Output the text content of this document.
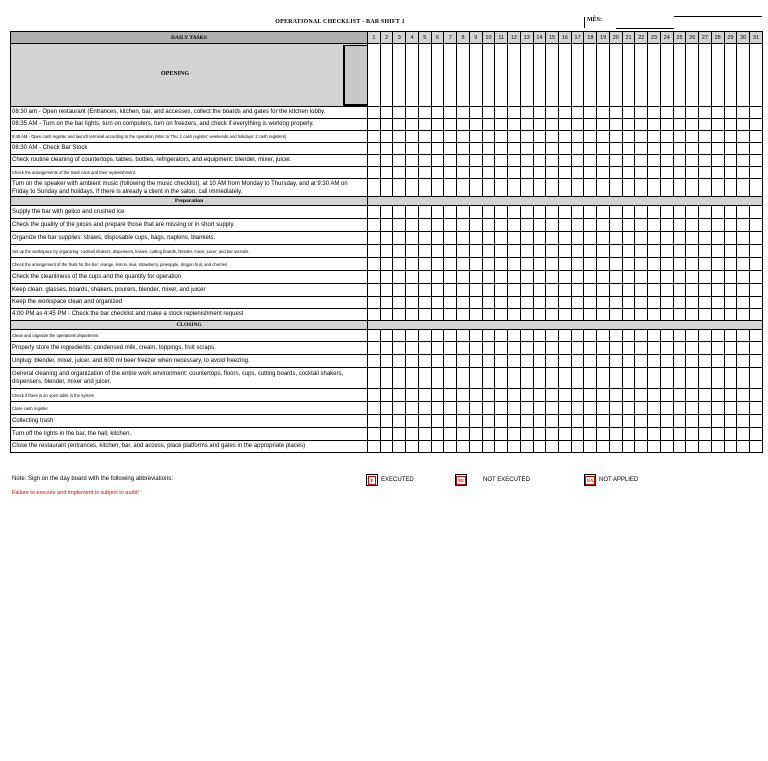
OPERATIONAL CHECKLIST - BAR SHIFT 1	MÊS:
DAILY TASKS	1	2	3	4	5	6	7	8	9	10	11	12	13	14	15	16	17	18	19	20	21	22	23	24	25	26	27	28	29	30	31

OPENING																															

08:30 am - Open restaurant (Entrances, kitchen, bar, and accesses, collect the boards and gates for the kitchen lobby.																															
08:35 AM - Turn on the bar lights, turn on computers, turn on freezers, and check if everything is working properly.																															
8:45 AM - Open cash register and launch terminal according to the operation (Mon to Thu: 1 cash register; weekends and holidays: 2 cash registers)																															
08:30 AM - Check Bar Stock																															
Check routine cleaning of countertops, tables, bottles, refrigerators, and equipment: blender, mixer, juicer.																															
Check the arrangements of the trash cans and their replenishment.																															
Turn on the speaker with ambient music (following the music checklist), at 10 AM from Monday to Thursday, and at 9:30 AM on Friday to Sunday and holidays. If there is already a client in the salon, call immediately.																															
Preparation																															
Supply the bar with gelico and crushed ice																															
Check the quality of the juices and prepare those that are missing or in short supply.																															
Organize the bar supplies: straws, disposable cups, bags, napkins, blankets.																															
Set up the workspace by organizing: cocktail shakers, dispensers, knives, cutting boards, blender, mixer, juicer, and bar utensils.																															
Check the arrangement of the fruits for the bar: orange, lemon, kiwi, strawberry, pineapple, dragon fruit, and cherries																															
Check the cleanliness of the cups and the quantity for operation																															
Keep clean: glasses, boards, shakers, pourers, blender, mixer, and juicer																															
Keep the workspace clean and organized																															
4:00 PM as 4:45 PM - Check the bar checklist and make a stock replenishment request																															
CLOSING																															
Clean and organize the operations department																															
Properly store the ingredients: condensed milk, cream, toppings, fruit scraps.																															
Unplug: blender, mixer, juicer, and 600 ml beer freezer when necessary, to avoid freezing.																															
General cleaning and organization of the entire work environment: countertops, floors, cups, cutting boards, cocktail shakers, dispensers, blender, mixer and juicer.																															
Check if there is an open table in the system																															
Close cash register																															
Collecting trash																															
Turn off the lights in the bar, the hall, kitchen.																															
Close the restaurant (entrances, kitchen, bar, and access, place platforms and gates in the appropriate places)																															
Note: Sign on the day board with the following abbreviations:
Failure to execute and implement is subject to audit!
E	EXECUTED	NE	NOT EXECUTED	NA NOT APPLIED
